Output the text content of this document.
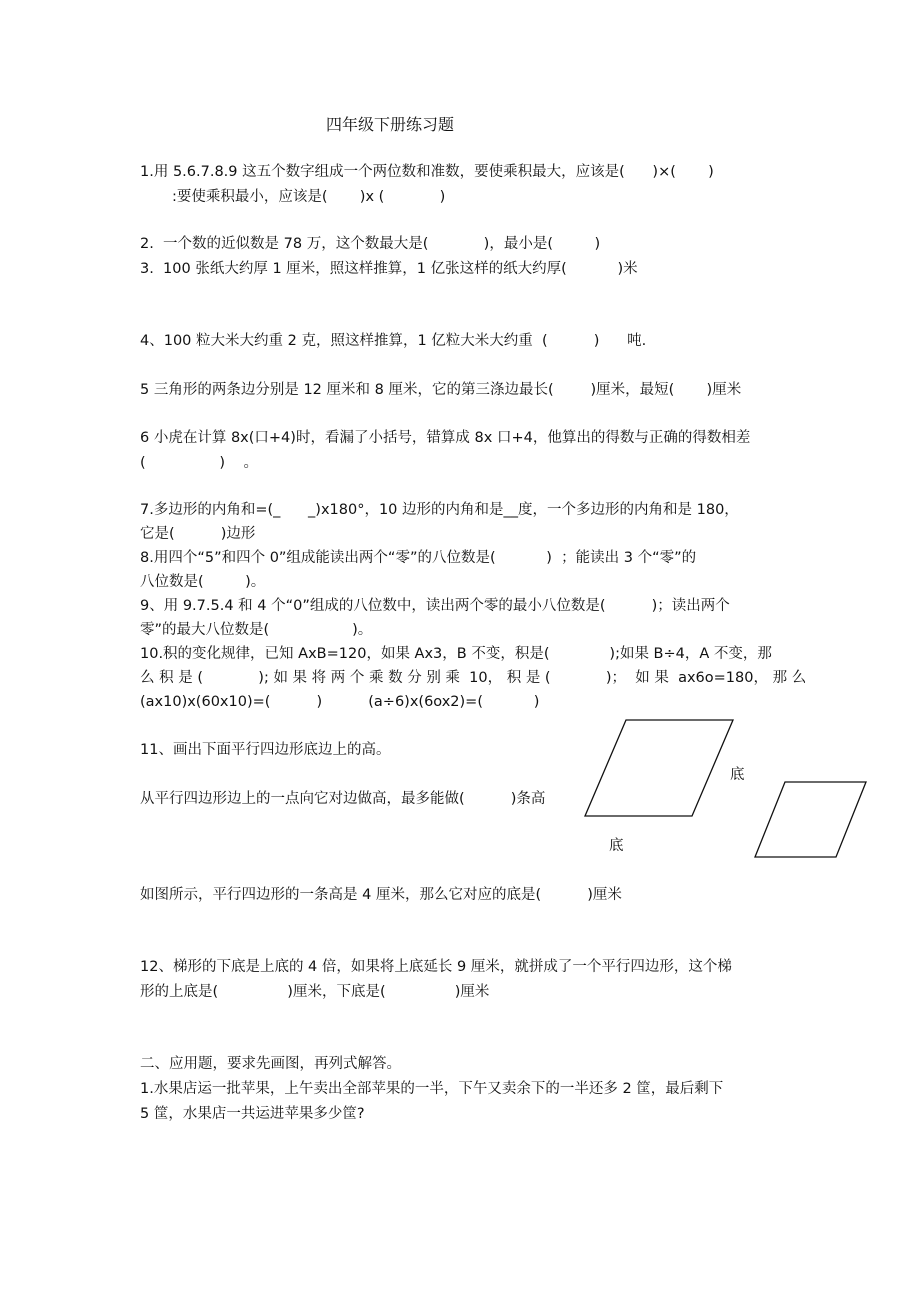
四年级下册练习题
1.用 5.6.7.8.9 这五个数字组成一个两位数和准数，要使乘积最大，应该是(      )×(       )
:要使乘积最小，应该是(       )x (            )
2.  一个数的近似数是 78 万，这个数最大是(            )，最小是(         )
3.  100 张纸大约厚 1 厘米，照这样推算，1 亿张这样的纸大约厚(           )米
4、100 粒大米大约重 2 克，照这样推算，1 亿粒大米大约重  (          )      吨.
5 三角形的两条边分别是 12 厘米和 8 厘米，它的第三涤边最长(        )厘米，最短(       )厘米
6 小虎在计算 8x(口+4)时，看漏了小括号，错算成 8x 口+4，他算出的得数与正确的得数相差
(                )    。
7.多边形的内角和=(_      _)x180°，10 边形的内角和是__度，一个多边形的内角和是 180，
它是(          )边形
8.用四个“5”和四个 0”组成能读出两个“零”的八位数是(           )  ；能读出 3 个“零”的
八位数是(         )。
9、用 9.7.5.4 和 4 个“0”组成的八位数中，读出两个零的最小八位数是(          )；读出两个
零”的最大八位数是(                  )。
10.积的变化规律，已知 AxB=120，如果 Ax3，B 不变，积是(             );如果 B÷4，A 不变，那
么 积 是 (            ); 如 果 将 两 个 乘 数 分 别 乘  10， 积 是 (            )；  如 果  ax6o=180， 那 么
(ax10)x(60x10)=(          )          (a÷6)x(6ox2)=(           )
11、画出下面平行四边形底边上的高。
从平行四边形边上的一点向它对边做高，最多能做(          )条高
底
底
如图所示，平行四边形的一条高是 4 厘米，那么它对应的底是(          )厘米
12、梯形的下底是上底的 4 倍，如果将上底延长 9 厘米，就拼成了一个平行四边形，这个梯
形的上底是(               )厘米，下底是(               )厘米
二、应用题，要求先画图，再列式解答。
1.水果店运一批苹果，上午卖出全部苹果的一半，下午又卖余下的一半还多 2 筐，最后剩下
5 筐，水果店一共运进苹果多少筐?
